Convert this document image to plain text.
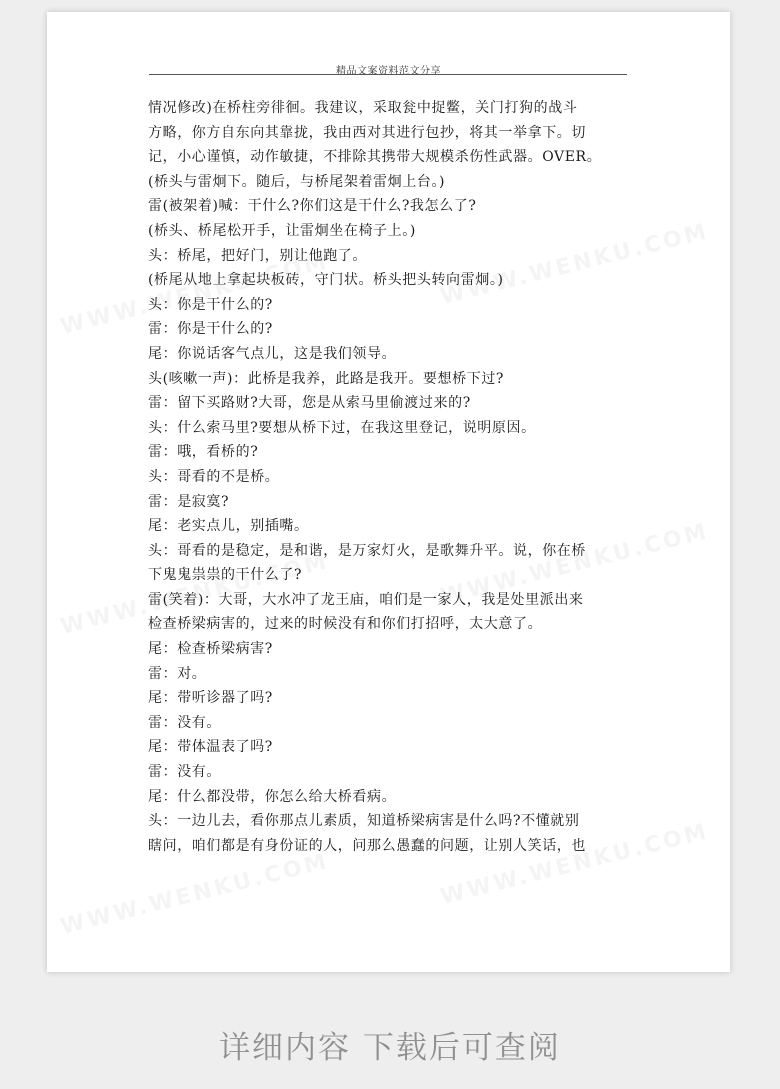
精品文案资料范文分享
情况修改)在桥柱旁徘徊。我建议，采取瓮中捉鳖，关门打狗的战斗
方略，你方自东向其靠拢，我由西对其进行包抄，将其一举拿下。切
记，小心谨慎，动作敏捷，不排除其携带大规模杀伤性武器。OVER。
(桥头与雷炯下。随后，与桥尾架着雷炯上台。)
雷(被架着)喊：干什么?你们这是干什么?我怎么了?
(桥头、桥尾松开手，让雷炯坐在椅子上。)
头：桥尾，把好门，别让他跑了。
(桥尾从地上拿起块板砖，守门状。桥头把头转向雷炯。)
头：你是干什么的?
雷：你是干什么的?
尾：你说话客气点儿，这是我们领导。
头(咳嗽一声)：此桥是我养，此路是我开。要想桥下过?
雷：留下买路财?大哥，您是从索马里偷渡过来的?
头：什么索马里?要想从桥下过，在我这里登记，说明原因。
雷：哦，看桥的?
头：哥看的不是桥。
雷：是寂寞?
尾：老实点儿，别插嘴。
头：哥看的是稳定，是和谐，是万家灯火，是歌舞升平。说，你在桥
下鬼鬼祟祟的干什么了?
雷(笑着)：大哥，大水冲了龙王庙，咱们是一家人，我是处里派出来
检查桥梁病害的，过来的时候没有和你们打招呼，太大意了。
尾：检查桥梁病害?
雷：对。
尾：带听诊器了吗?
雷：没有。
尾：带体温表了吗?
雷：没有。
尾：什么都没带，你怎么给大桥看病。
头：一边儿去，看你那点儿素质，知道桥梁病害是什么吗?不懂就别
瞎问，咱们都是有身份证的人，问那么愚蠢的问题，让别人笑话，也
详细内容 下载后可查阅
